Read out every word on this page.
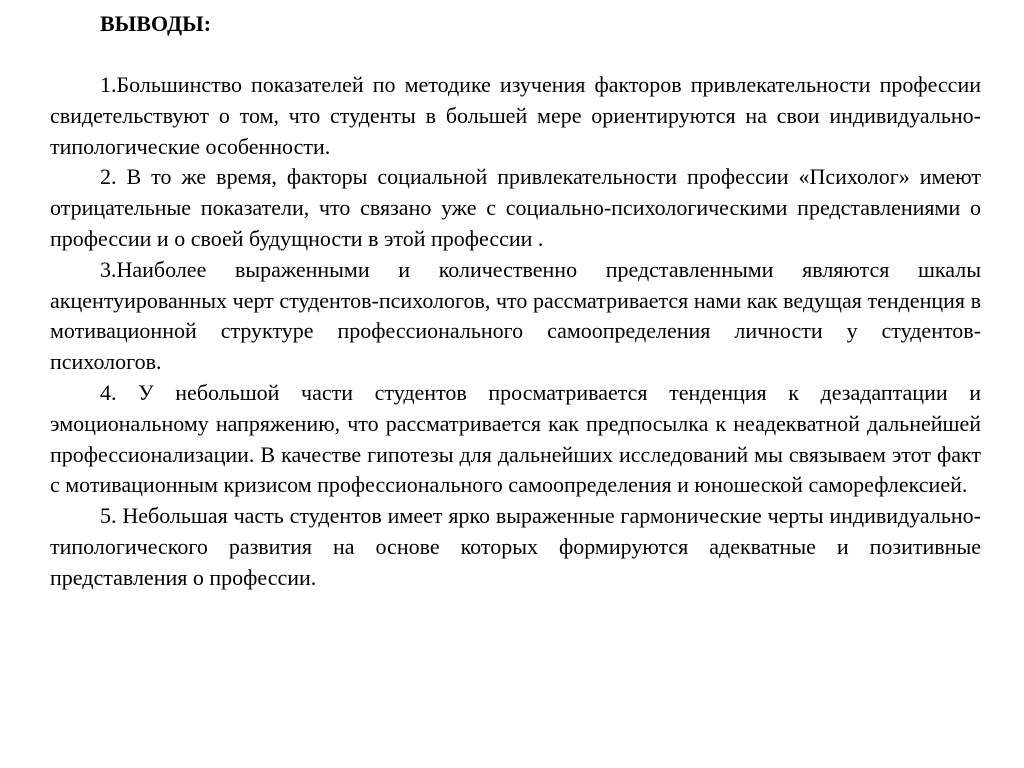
ВЫВОДЫ:

1.Большинство показателей по методике изучения факторов привлекательности профессии свидетельствуют о том, что студенты в большей мере ориентируются на свои индивидуально-типологические особенности.

2. В то же время, факторы социальной привлекательности профессии «Психолог» имеют отрицательные показатели, что связано уже с социально-психологическими представлениями о профессии и о своей будущности в этой профессии .

3.Наиболее выраженными и количественно представленными являются шкалы акцентуированных черт студентов-психологов, что рассматривается нами как ведущая тенденция в мотивационной структуре профессионального самоопределения личности у студентов-психологов.

4. У небольшой части студентов просматривается тенденция к дезадаптации и эмоциональному напряжению, что рассматривается как предпосылка к неадекватной дальнейшей профессионализации. В качестве гипотезы для дальнейших исследований мы связываем этот факт с мотивационным кризисом профессионального самоопределения и юношеской саморефлексией.

5. Небольшая часть студентов имеет ярко выраженные гармонические черты индивидуально-типологического развития на основе которых формируются адекватные и позитивные представления о профессии.
